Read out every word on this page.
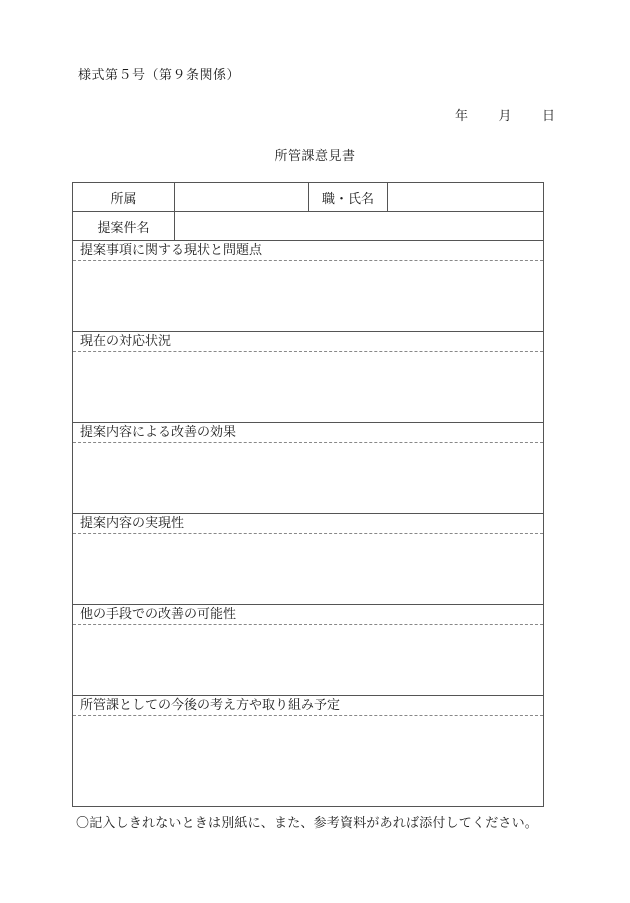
様式第５号（第９条関係）
年 月 日
所管課意見書
所属	職・氏名
提案件名
提案事項に関する現状と問題点
現在の対応状況
提案内容による改善の効果
提案内容の実現性
他の手段での改善の可能性
所管課としての今後の考え方や取り組み予定
〇記入しきれないときは別紙に、また、参考資料があれば添付してください。
